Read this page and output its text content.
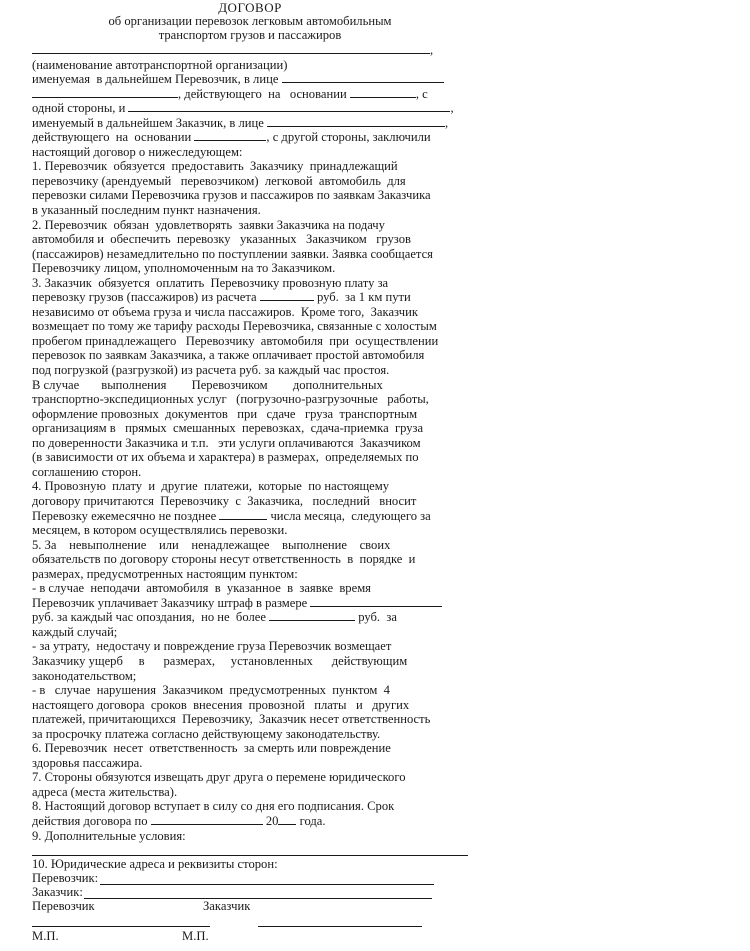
ДОГОВОР
об организации перевозок легковым автомобильным
транспортом грузов и пассажиров
,
(наименование автотранспортной организации)
именуемая  в дальнейшем Перевозчик, в лице
, действующего  на   основании	, с
одной стороны, и	,
именуемый в дальнейшем Заказчик, в лице	,
действующего  на  основании	, с другой стороны, заключили
настоящий договор о нижеследующем:
1. Перевозчик  обязуется  предоставить  Заказчику  принадлежащий
перевозчику (арендуемый   перевозчиком)  легковой  автомобиль  для
перевозки силами Перевозчика грузов и пассажиров по заявкам Заказчика
в указанный последним пункт назначения.
2. Перевозчик  обязан  удовлетворять  заявки Заказчика на подачу
автомобиля и  обеспечить  перевозку   указанных   Заказчиком   грузов
(пассажиров) незамедлительно по поступлении заявки. Заявка сообщается
Перевозчику лицом, уполномоченным на то Заказчиком.
3. Заказчик  обязуется  оплатить  Перевозчику провозную плату за
перевозку грузов (пассажиров) из расчета	руб.  за 1 км пути
независимо от объема груза и числа пассажиров.  Кроме того,  Заказчик
возмещает по тому же тарифу расходы Перевозчика, связанные с холостым
пробегом принадлежащего   Перевозчику  автомобиля  при  осуществлении
перевозок по заявкам Заказчика, а также оплачивает простой автомобиля
под погрузкой (разгрузкой) из расчета руб. за каждый час простоя.
В случае       выполнения        Перевозчиком        дополнительных
транспортно-экспедиционных услуг   (погрузочно-разгрузочные   работы,
оформление провозных  документов   при   сдаче   груза  транспортным
организациям в   прямых  смешанных  перевозках,  сдача-приемка  груза
по доверенности Заказчика и т.п.   эти услуги оплачиваются  Заказчиком
(в зависимости от их объема и характера) в размерах,  определяемых по
соглашению сторон.
4. Провозную  плату  и  другие  платежи,  которые  по настоящему
договору причитаются  Перевозчику  с  Заказчика,   последний   вносит
Перевозку ежемесячно не позднее	числа месяца,  следующего за
месяцем, в котором осуществлялись перевозки.
5. За    невыполнение    или    ненадлежащее    выполнение    своих
обязательств по договору стороны несут ответственность  в  порядке  и
размерах, предусмотренных настоящим пунктом:
- в случае  неподачи  автомобиля  в  указанное  в  заявке  время
Перевозчик уплачивает Заказчику штраф в размере
руб. за каждый час опоздания,  но не  более	руб.  за
каждый случай;
- за утрату,  недостачу и повреждение груза Перевозчик возмещает
Заказчику ущерб     в      размерах,     установленных      действующим
законодательством;
- в   случае  нарушения  Заказчиком  предусмотренных  пунктом  4
настоящего договора  сроков  внесения  провозной   платы   и   других
платежей, причитающихся  Перевозчику,  Заказчик несет ответственность
за просрочку платежа согласно действующему законодательству.
6. Перевозчик  несет  ответственность  за смерть или повреждение
здоровья пассажира.
7. Стороны обязуются извещать друг друга о перемене юридического
адреса (места жительства).
8. Настоящий договор вступает в силу со дня его подписания. Срок
действия договора по	20 года.
9. Дополнительные условия:
10. Юридические адреса и реквизиты сторон:
Перевозчик:
Заказчик:
Перевозчик	Заказчик
М.П.	М.П.
